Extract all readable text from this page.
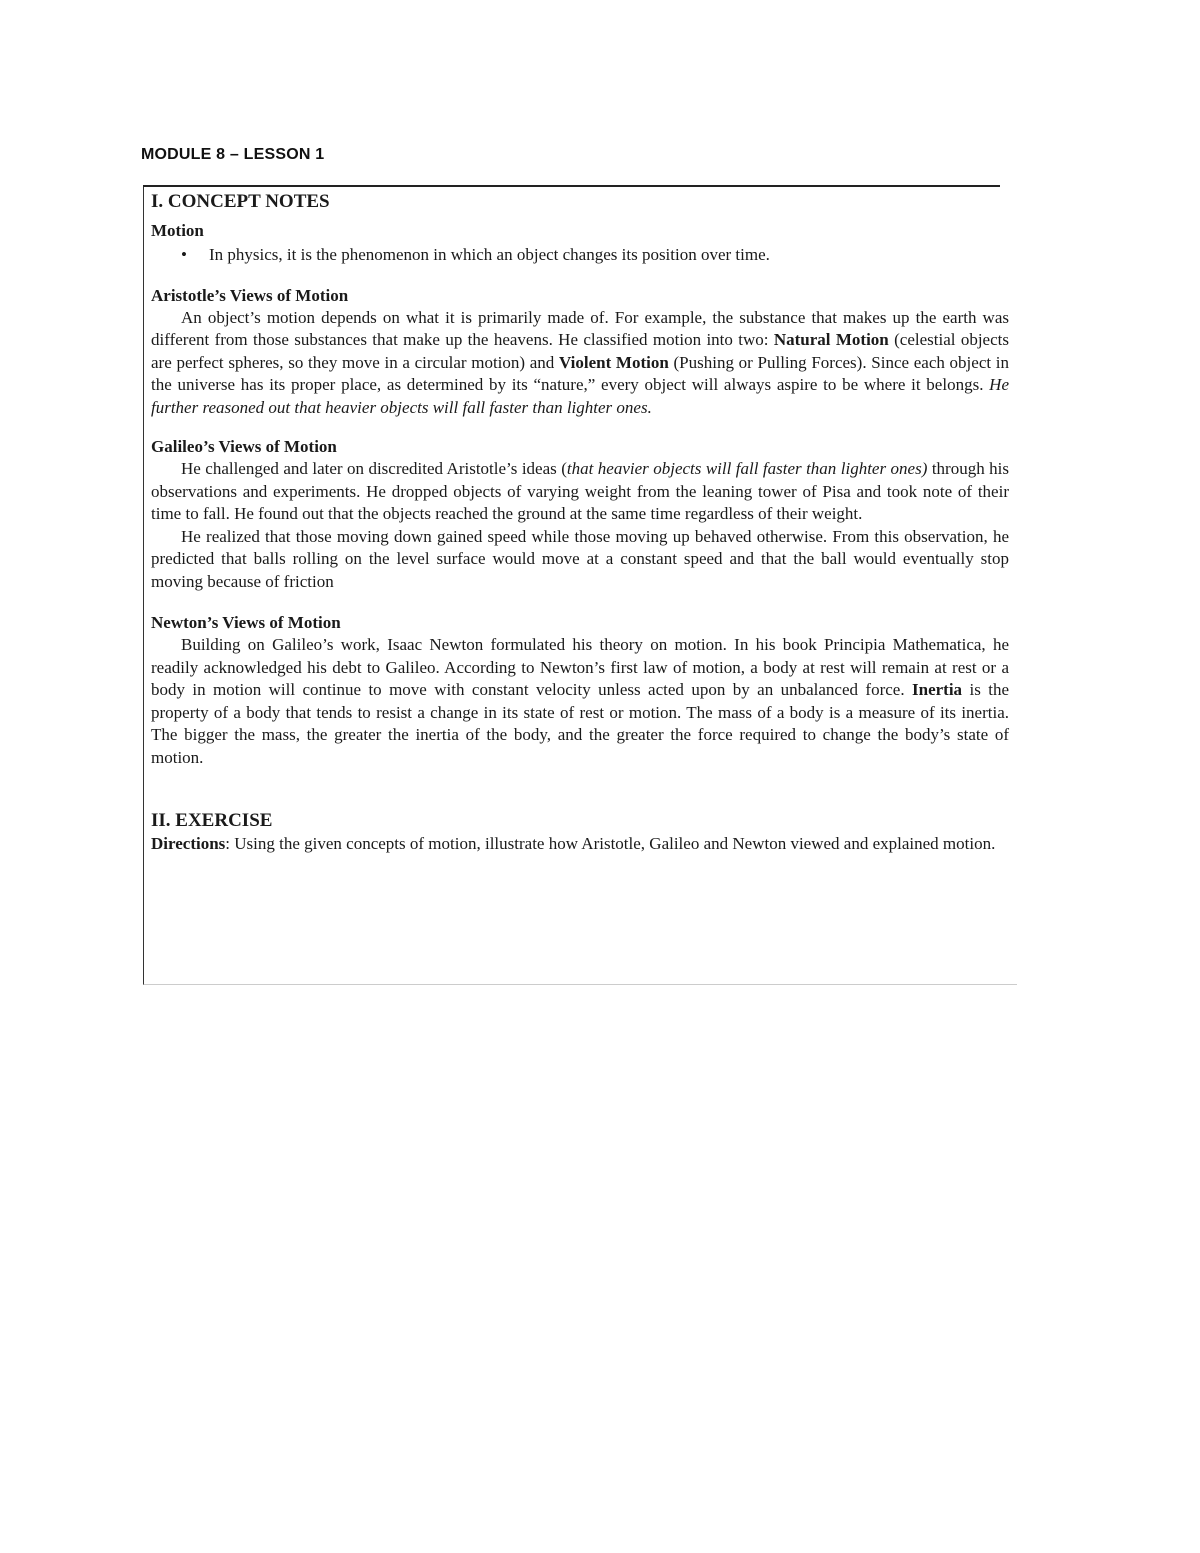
MODULE 8 – LESSON 1
I. CONCEPT NOTES
Motion
•	In physics, it is the phenomenon in which an object changes its position over time.
Aristotle’s Views of Motion

An object’s motion depends on what it is primarily made of. For example, the substance that makes up the earth was different from those substances that make up the heavens. He classified motion into two: Natural Motion (celestial objects are perfect spheres, so they move in a circular motion) and Violent Motion (Pushing or Pulling Forces). Since each object in the universe has its proper place, as determined by its “nature,” every object will always aspire to be where it belongs. He further reasoned out that heavier objects will fall faster than lighter ones.

Galileo’s Views of Motion

He challenged and later on discredited Aristotle’s ideas (that heavier objects will fall faster than lighter ones) through his observations and experiments. He dropped objects of varying weight from the leaning tower of Pisa and took note of their time to fall. He found out that the objects reached the ground at the same time regardless of their weight.

He realized that those moving down gained speed while those moving up behaved otherwise. From this observation, he predicted that balls rolling on the level surface would move at a constant speed and that the ball would eventually stop moving because of friction

Newton’s Views of Motion

Building on Galileo’s work, Isaac Newton formulated his theory on motion. In his book Principia Mathematica, he readily acknowledged his debt to Galileo. According to Newton’s first law of motion, a body at rest will remain at rest or a body in motion will continue to move with constant velocity unless acted upon by an unbalanced force. Inertia is the property of a body that tends to resist a change in its state of rest or motion. The mass of a body is a measure of its inertia. The bigger the mass, the greater the inertia of the body, and the greater the force required to change the body’s state of motion.

II. EXERCISE

Directions: Using the given concepts of motion, illustrate how Aristotle, Galileo and Newton viewed and explained motion.
